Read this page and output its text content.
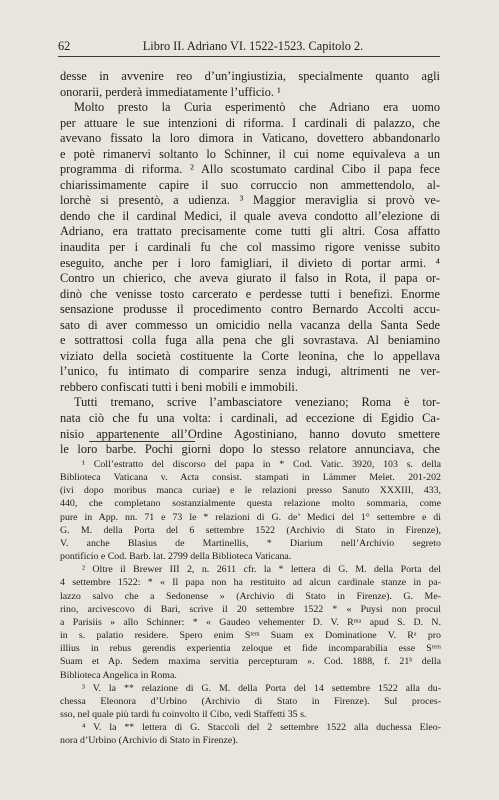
62	Libro II. Adriano VI. 1522-1523. Capitolo 2.
desse in avvenire reo d’un’ingiustizia, specialmente quanto agli
onorarii, perderà immediatamente l’ufficio. ¹
Molto presto la Curia esperimentò che Adriano era uomo
per attuare le sue intenzioni di riforma. I cardinali di palazzo, che
avevano fissato la loro dimora in Vaticano, dovettero abbandonarlo
e potè rimanervi soltanto lo Schinner, il cui nome equivaleva a un
programma di riforma. ² Allo scostumato cardinal Cibo il papa fece
chiarissimamente capire il suo corruccio non ammettendolo, al-
lorchè si presentò, a udienza. ³ Maggior meraviglia si provò ve-
dendo che il cardinal Medici, il quale aveva condotto all’elezione di
Adriano, era trattato precisamente come tutti gli altri. Cosa affatto
inaudita per i cardinali fu che col massimo rigore venisse subito
eseguito, anche per i loro famigliari, il divieto di portar armi. ⁴
Contro un chierico, che aveva giurato il falso in Rota, il papa or-
dinò che venisse tosto carcerato e perdesse tutti i benefizi. Enorme
sensazione produsse il procedimento contro Bernardo Accolti accu-
sato di aver commesso un omicidio nella vacanza della Santa Sede
e sottrattosi colla fuga alla pena che gli sovrastava. Al beniamino
viziato della società costituente la Corte leonina, che lo appellava
l’unico, fu intimato di comparire senza indugi, altrimenti ne ver-
rebbero confiscati tutti i beni mobili e immobili.
Tutti tremano, scrive l’ambasciatore veneziano; Roma è tor-
nata ciò che fu una volta: i cardinali, ad eccezione di Egidio Ca-
nisio appartenente all’Ordine Agostiniano, hanno dovuto smettere
le loro barbe. Pochi giorni dopo lo stesso relatore annunciava, che
¹ Coll’estratto del discorso del papa in * Cod. Vatic. 3920, 103 s. della
Biblioteca Vaticana v. Acta consist. stampati in Lämmer Melet. 201-202
(ivi dopo moribus manca curiae) e le relazioni presso Sanuto XXXIII, 433,
440, che completano sostanzialmente questa relazione molto sommaria, come
pure in App. nn. 71 e 73 le * relazioni di G. de’ Medici del 1° settembre e di
G. M. della Porta del 6 settembre 1522 (Archivio di Stato in Firenze),
V. anche Blasius de Martinellis, * Diarium nell’Archivio segreto
pontificio e Cod. Barb. lat. 2799 della Biblioteca Vaticana.
² Oltre il Brewer III 2, n. 2611 cfr. la * lettera di G. M. della Porta del
4 settembre 1522: * « Il papa non ha restituito ad alcun cardinale stanze in pa-
lazzo salvo che a Sedonense » (Archivio di Stato in Firenze). G. Me-
rino, arcivescovo di Bari, scrive il 20 settembre 1522 * « Puysi non procul
a Parisiis » allo Schinner: * « Gaudeo vehementer D. V. Rᵐᵃ apud S. D. N.
in s. palatio residere. Spero enim Sᵗᵉᵐ Suam ex Dominatione V. Rᵃ pro
illius in rebus gerendis experientia zeloque et fide incomparabilia esse Sᵗᵉᵐ
Suam et Ap. Sedem maxima servitia percepturam ». Cod. 1888, f. 21ᵇ della
Biblioteca Angelica in Roma.
³ V. la ** relazione di G. M. della Porta del 14 settembre 1522 alla du-
chessa Eleonora d’Urbino (Archivio di Stato in Firenze). Sul proces-
sso, nel quale più tardi fu coinvolto il Cibo, vedi Staffetti 35 s.
⁴ V. la ** lettera di G. Staccoli del 2 settembre 1522 alla duchessa Eleo-
nora d’Urbino (Archivio di Stato in Firenze).
